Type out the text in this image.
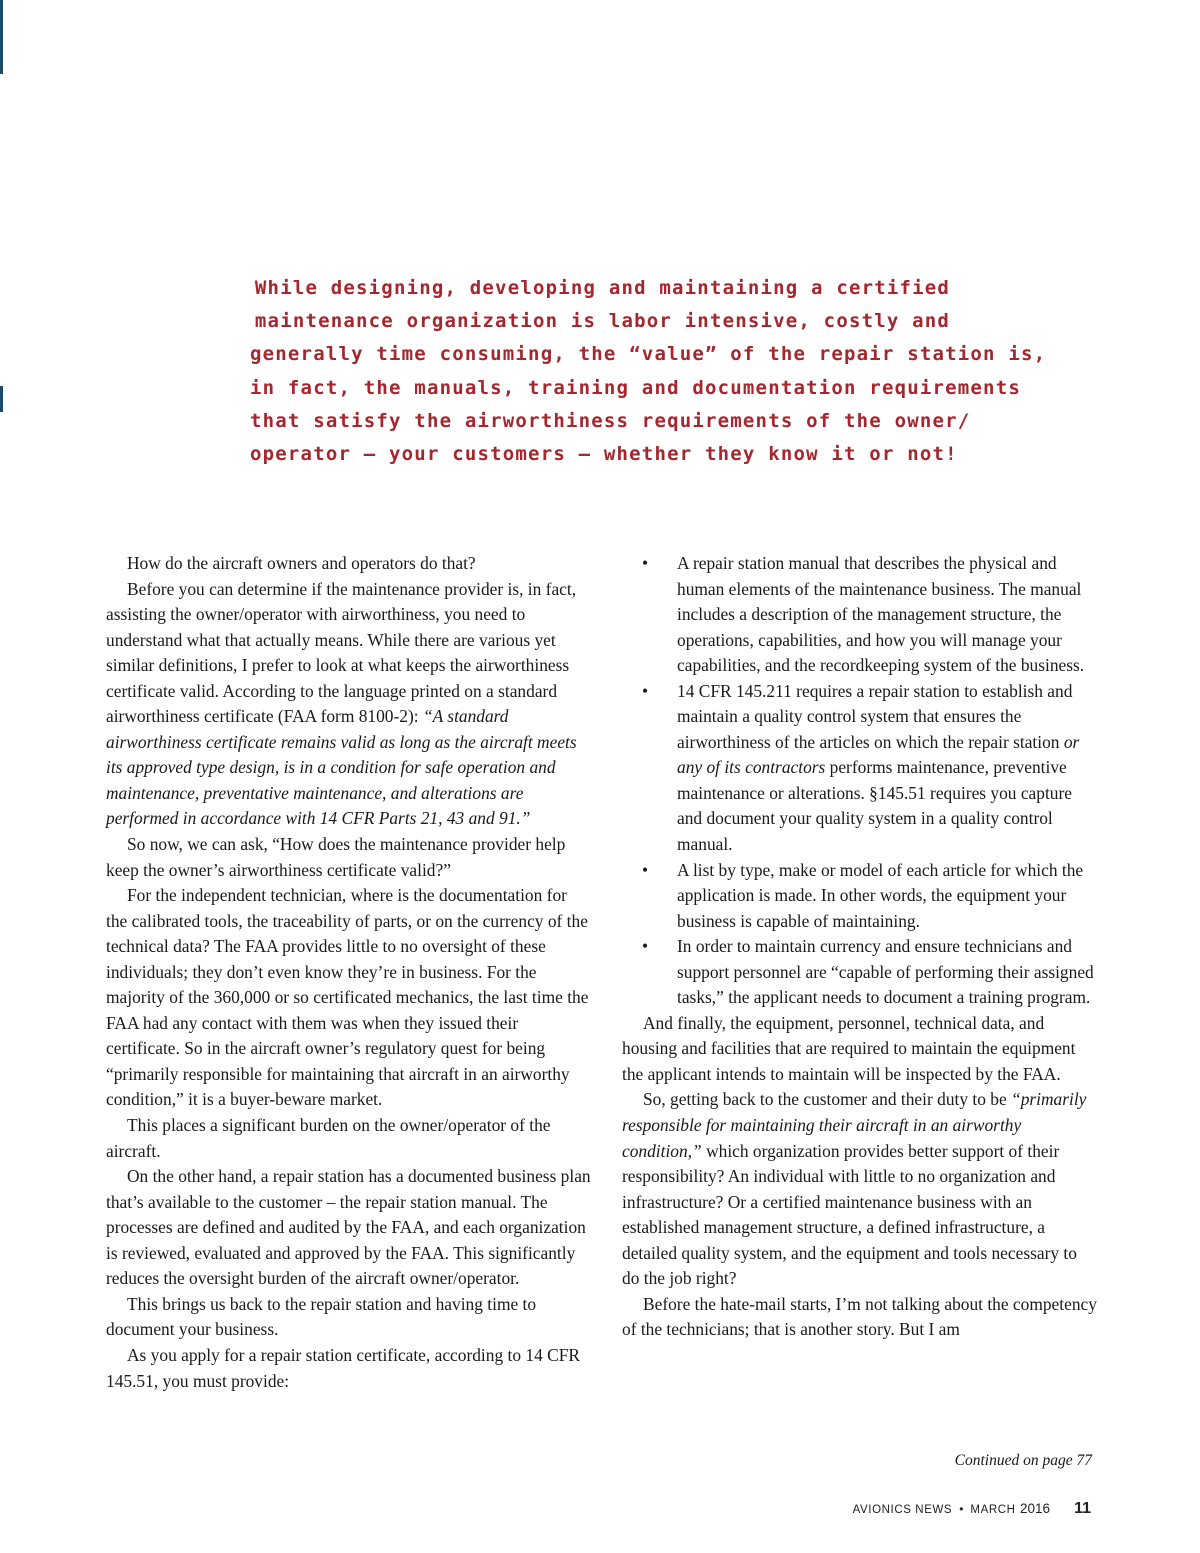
While designing, developing and maintaining a certified
maintenance organization is labor intensive, costly and
generally time consuming, the “value” of the repair station is,
in fact, the manuals, training and documentation requirements
that satisfy the airworthiness requirements of the owner/
operator – your customers – whether they know it or not!

How do the aircraft owners and operators do that?

Before you can determine if the maintenance provider is, in fact, assisting the owner/operator with airworthiness, you need to understand what that actually means. While there are various yet similar definitions, I prefer to look at what keeps the airworthiness certificate valid. According to the language printed on a standard airworthiness certificate (FAA form 8100-2): “A standard airworthiness certificate remains valid as long as the aircraft meets its approved type design, is in a condition for safe operation and maintenance, preventative maintenance, and alterations are performed in accordance with 14 CFR Parts 21, 43 and 91.”

So now, we can ask, “How does the maintenance provider help keep the owner’s airworthiness certificate valid?”

For the independent technician, where is the documentation for the calibrated tools, the traceability of parts, or on the currency of the technical data? The FAA provides little to no oversight of these individuals; they don’t even know they’re in business. For the majority of the 360,000 or so certificated mechanics, the last time the FAA had any contact with them was when they issued their certificate. So in the aircraft owner’s regulatory quest for being “primarily responsible for maintaining that aircraft in an airworthy condition,” it is a buyer-beware market.

This places a significant burden on the owner/operator of the aircraft.

On the other hand, a repair station has a documented business plan that’s available to the customer – the repair station manual. The processes are defined and audited by the FAA, and each organization is reviewed, evaluated and approved by the FAA. This significantly reduces the oversight burden of the aircraft owner/operator.

This brings us back to the repair station and having time to document your business.

As you apply for a repair station certificate, according to 14 CFR 145.51, you must provide:

• A repair station manual that describes the physical and human elements of the maintenance business. The manual includes a description of the management structure, the operations, capabilities, and how you will manage your capabilities, and the recordkeeping system of the business.
• 14 CFR 145.211 requires a repair station to establish and maintain a quality control system that ensures the airworthiness of the articles on which the repair station or any of its contractors performs maintenance, preventive maintenance or alterations. §145.51 requires you capture and document your quality system in a quality control manual.
• A list by type, make or model of each article for which the application is made. In other words, the equipment your business is capable of maintaining.
• In order to maintain currency and ensure technicians and support personnel are “capable of performing their assigned tasks,” the applicant needs to document a training program.

And finally, the equipment, personnel, technical data, and housing and facilities that are required to maintain the equipment the applicant intends to maintain will be inspected by the FAA.

So, getting back to the customer and their duty to be “primarily responsible for maintaining their aircraft in an airworthy condition,” which organization provides better support of their responsibility? An individual with little to no organization and infrastructure? Or a certified maintenance business with an established management structure, a defined infrastructure, a detailed quality system, and the equipment and tools necessary to do the job right?

Before the hate-mail starts, I’m not talking about the competency of the technicians; that is another story. But I am

Continued on page 77
AVIONICS NEWS • MARCH 2016 11
